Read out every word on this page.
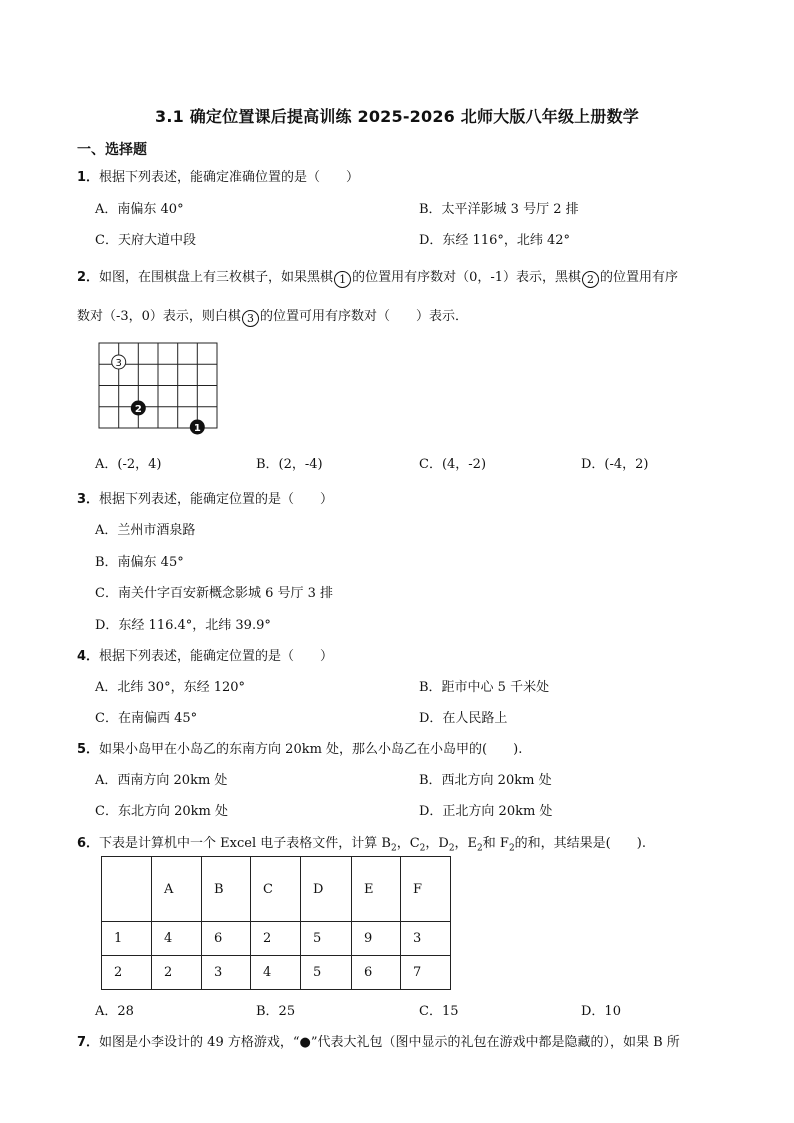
3.1 确定位置课后提高训练 2025-2026 北师大版八年级上册数学
一、选择题
1．根据下列表述，能确定准确位置的是（　　）
A．南偏东 40°	B．太平洋影城 3 号厅 2 排
C．天府大道中段	D．东经 116°，北纬 42°
2．如图，在围棋盘上有三枚棋子，如果黑棋 1 的位置用有序数对（0，-1）表示，黑棋 2 的位置用有序
数对（-3，0）表示，则白棋 3 的位置可用有序数对（　　）表示．
3
2
1
A．(-2，4)	B．(2，-4)	C．(4，-2)	D．(-4，2)
3．根据下列表述，能确定位置的是（　　）
A．兰州市酒泉路
B．南偏东 45°
C．南关什字百安新概念影城 6 号厅 3 排
D．东经 116.4°，北纬 39.9°
4．根据下列表述，能确定位置的是（　　）
A．北纬 30°，东经 120°	B．距市中心 5 千米处
C．在南偏西 45°	D．在人民路上
5．如果小岛甲在小岛乙的东南方向 20km 处，那么小岛乙在小岛甲的(　　).
A．西南方向 20km 处	B．西北方向 20km 处
C．东北方向 20km 处	D．正北方向 20km 处
6．下表是计算机中一个 Excel 电子表格文件，计算 $B_2$，$C_2$，$D_2$，$E_2$和 $F_2$的和，其结果是(　　).
	A	B	C	D	E	F
1	4	6	2	5	9	3
2	2	3	4	5	6	7
A．28	B．25	C．15	D．10
7．如图是小李设计的 49 方格游戏，“●”代表大礼包（图中显示的礼包在游戏中都是隐藏的），如果 B 所
